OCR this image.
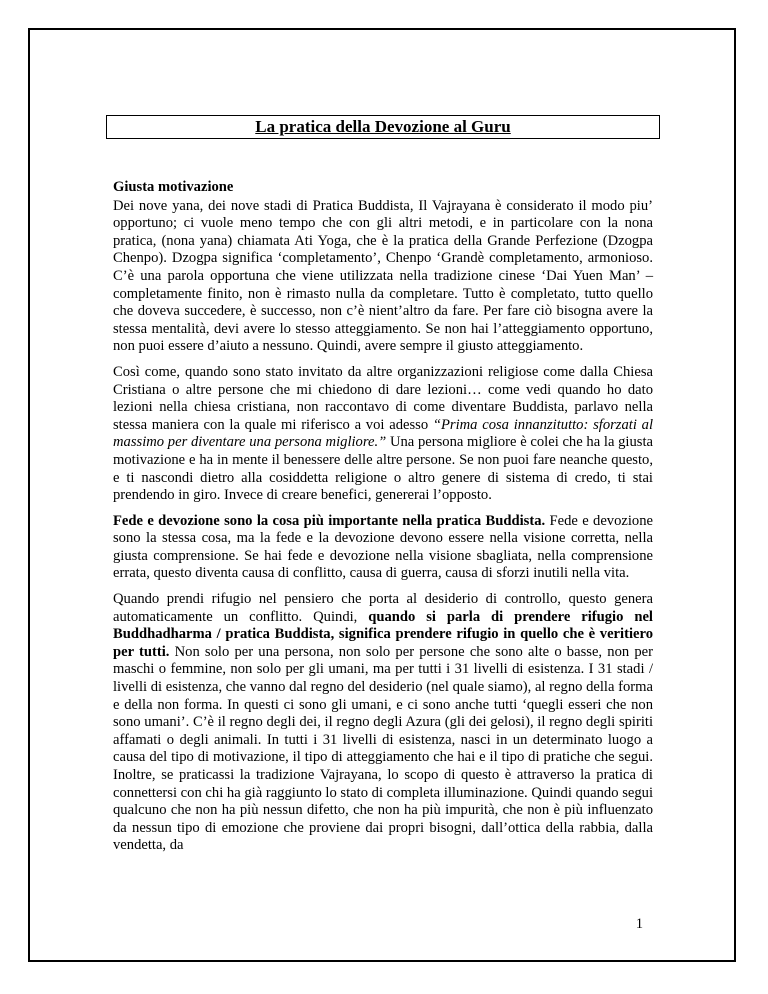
La pratica della Devozione al Guru
Giusta motivazione

Dei nove yana, dei nove stadi di Pratica Buddista, Il Vajrayana è considerato il modo piu’ opportuno; ci vuole meno tempo che con gli altri metodi, e in particolare con la nona pratica, (nona yana) chiamata Ati Yoga, che è la pratica della Grande Perfezione (Dzogpa Chenpo). Dzogpa significa ‘completamento’, Chenpo ‘Grandè completamento, armonioso. C’è una parola opportuna che viene utilizzata nella tradizione cinese ‘Dai Yuen Man’ – completamente finito, non è rimasto nulla da completare. Tutto è completato, tutto quello che doveva succedere, è successo, non c’è nient’altro da fare. Per fare ciò bisogna avere la stessa mentalità, devi avere lo stesso atteggiamento. Se non hai l’atteggiamento opportuno, non puoi essere d’aiuto a nessuno. Quindi, avere sempre il giusto atteggiamento.

Così come, quando sono stato invitato da altre organizzazioni religiose come dalla Chiesa Cristiana o altre persone che mi chiedono di dare lezioni… come vedi quando ho dato lezioni nella chiesa cristiana, non raccontavo di come diventare Buddista, parlavo nella stessa maniera con la quale mi riferisco a voi adesso “Prima cosa innanzitutto: sforzati al massimo per diventare una persona migliore.” Una persona migliore è colei che ha la giusta motivazione e ha in mente il benessere delle altre persone. Se non puoi fare neanche questo, e ti nascondi dietro alla cosiddetta religione o altro genere di sistema di credo, ti stai prendendo in giro. Invece di creare benefici, genererai l’opposto.

Fede e devozione sono la cosa più importante nella pratica Buddista. Fede e devozione sono la stessa cosa, ma la fede e la devozione devono essere nella visione corretta, nella giusta comprensione. Se hai fede e devozione nella visione sbagliata, nella comprensione errata, questo diventa causa di conflitto, causa di guerra, causa di sforzi inutili nella vita.

Quando prendi rifugio nel pensiero che porta al desiderio di controllo, questo genera automaticamente un conflitto. Quindi, quando si parla di prendere rifugio nel Buddhadharma / pratica Buddista, significa prendere rifugio in quello che è veritiero per tutti. Non solo per una persona, non solo per persone che sono alte o basse, non per maschi o femmine, non solo per gli umani, ma per tutti i 31 livelli di esistenza. I 31 stadi / livelli di esistenza, che vanno dal regno del desiderio (nel quale siamo), al regno della forma e della non forma. In questi ci sono gli umani, e ci sono anche tutti ‘quegli esseri che non sono umani’. C’è il regno degli dei, il regno degli Azura (gli dei gelosi), il regno degli spiriti affamati o degli animali. In tutti i 31 livelli di esistenza, nasci in un determinato luogo a causa del tipo di motivazione, il tipo di atteggiamento che hai e il tipo di pratiche che segui. Inoltre, se praticassi la tradizione Vajrayana, lo scopo di questo è attraverso la pratica di connettersi con chi ha già raggiunto lo stato di completa illuminazione. Quindi quando segui qualcuno che non ha più nessun difetto, che non ha più impurità, che non è più influenzato da nessun tipo di emozione che proviene dai propri bisogni, dall’ottica della rabbia, dalla vendetta, da

1
